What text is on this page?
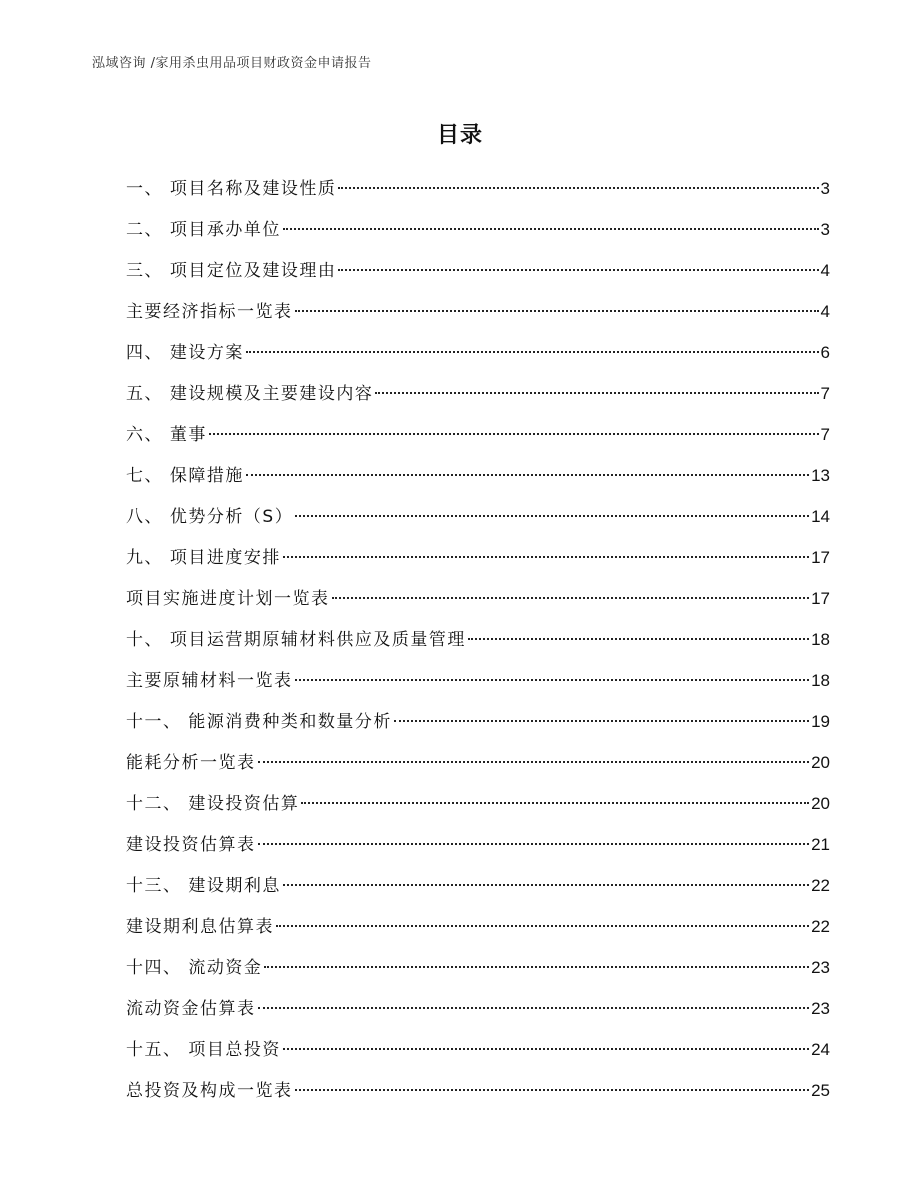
泓域咨询 /家用杀虫用品项目财政资金申请报告
目录
一、 项目名称及建设性质	3
二、 项目承办单位	3
三、 项目定位及建设理由	4
主要经济指标一览表	4
四、 建设方案	6
五、 建设规模及主要建设内容	7
六、 董事	7
七、 保障措施	13
八、 优势分析（S）	14
九、 项目进度安排	17
项目实施进度计划一览表	17
十、 项目运营期原辅材料供应及质量管理	18
主要原辅材料一览表	18
十一、 能源消费种类和数量分析	19
能耗分析一览表	20
十二、 建设投资估算	20
建设投资估算表	21
十三、 建设期利息	22
建设期利息估算表	22
十四、 流动资金	23
流动资金估算表	23
十五、 项目总投资	24
总投资及构成一览表	25
